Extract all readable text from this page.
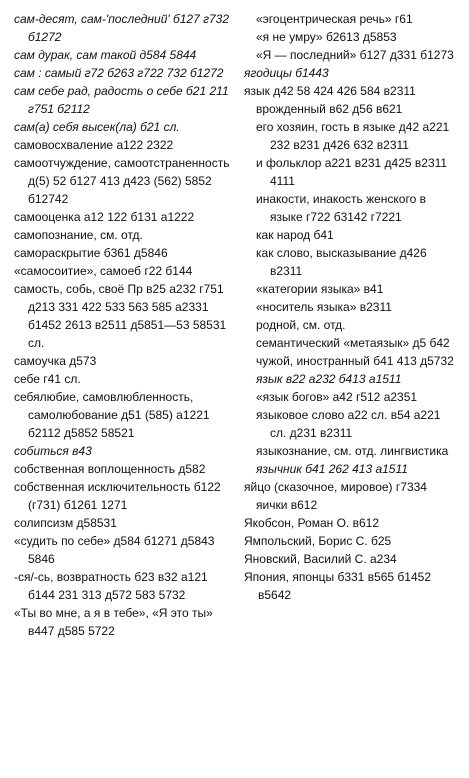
сам-десят, сам-'последний' б127 г732 б1272

сам дурак, сам такой д584 5844

сам : самый г72 б263 г722 732 б1272

сам себе рад, радость о себе б21 211 г751 б2112

сам(а) себя высек(ла) б21 сл.

самовосхваление а122 2322

самоотчуждение, самоотстраненность д(5) 52 б127 413 д423 (562) 5852 б12742

самооценка а12 122 б131 а1222

самопознание, см. отд.

самораскрытие б361 д5846

«самосоитие», самоеб г22 б144

самость, собь, своё Пр в25 а232 г751 д213 331 422 533 563 585 а2331 б1452 2613 в2511 д5851—53 58531 сл.

самоучка д573

себе г41 сл.

себялюбие, самовлюбленность, самолюбование д51 (585) а1221 б2112 д5852 58521

собиться в43

собственная воплощенность д582

собственная исключительность б122 (г731) б1261 1271

солипсизм д58531

«судить по себе» д584 б1271 д5843 5846

-ся/-сь, возвратность б23 в32 а121 б144 231 313 д572 583 5732

«Ты во мне, а я в тебе», «Я это ты» в447 д585 5722

«эгоцентрическая речь» г61

«я не умру» б2613 д5853

«Я — последний» б127 д331 б1273

ягодицы б1443

язык д42 58 424 426 584 в2311

врожденный в62 д56 в621

его хозяин, гость в языке д42 а221 232 в231 д426 632 в2311

и фольклор а221 в231 д425 в2311 4111

инакости, инакость женского в языке г722 б3142 г7221

как народ б41

как слово, высказывание д426 в2311

«категории языка» в41

«носитель языка» в2311

родной, см. отд.

семантический «метаязык» д5 б42

чужой, иностранный б41 413 д5732

язык в22 а232 б413 а1511

«язык богов» а42 г512 а2351

языковое слово а22 сл. в54 а221 сл. д231 в2311

языкознание, см. отд. лингвистика

язычник б41 262 413 а1511

яйцо (сказочное, мировое) г7334

яички в612

Якобсон, Роман О. в612

Ямпольский, Борис С. б25

Яновский, Василий С. а234

Япония, японцы б331 в565 б1452 в5642
